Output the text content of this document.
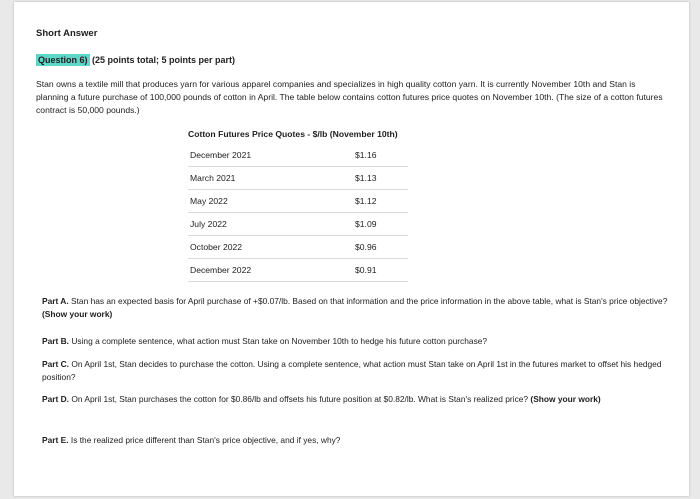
Short Answer
Question 6) (25 points total; 5 points per part)
Stan owns a textile mill that produces yarn for various apparel companies and specializes in high quality cotton yarn. It is currently November 10th and Stan is planning a future purchase of 100,000 pounds of cotton in April. The table below contains cotton futures price quotes on November 10th. (The size of a cotton futures contract is 50,000 pounds.)
Cotton Futures Price Quotes - $/lb (November 10th)
December 2021	$1.16
March 2021	$1.13
May 2022	$1.12
July 2022	$1.09
October 2022	$0.96
December 2022	$0.91
Part A. Stan has an expected basis for April purchase of +$0.07/lb. Based on that information and the price information in the above table, what is Stan's price objective? (Show your work)
Part B. Using a complete sentence, what action must Stan take on November 10th to hedge his future cotton purchase?
Part C. On April 1st, Stan decides to purchase the cotton. Using a complete sentence, what action must Stan take on April 1st in the futures market to offset his hedged position?
Part D. On April 1st, Stan purchases the cotton for $0.86/lb and offsets his future position at $0.82/lb. What is Stan's realized price? (Show your work)
Part E. Is the realized price different than Stan's price objective, and if yes, why?
